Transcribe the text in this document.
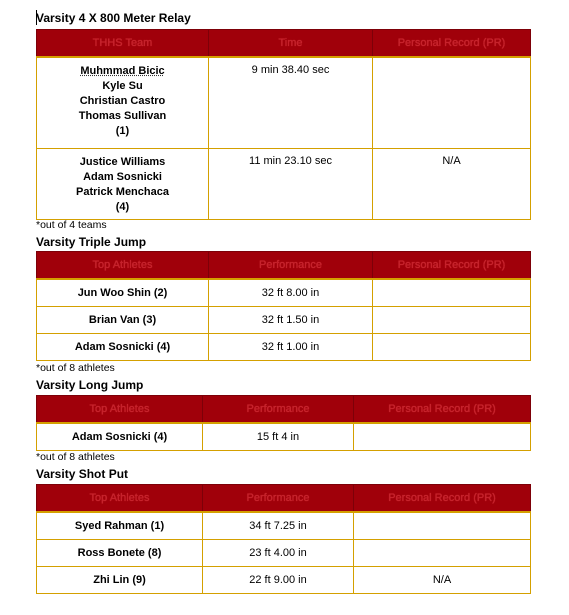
Varsity 4 X 800 Meter Relay
THHS Team	Time	Personal Record (PR)

Muhmmad Bicic
Kyle Su
Christian Castro
Thomas Sullivan
(1)	9 min 38.40 sec	

Justice Williams
Adam Sosnicki
Patrick Menchaca
(4)	11 min 23.10 sec	N/A
*out of 4 teams
Varsity Triple Jump
Top Athletes	Performance	Personal Record (PR)
Jun Woo Shin (2)	32 ft 8.00 in	
Brian Van (3)	32 ft 1.50 in	
Adam Sosnicki (4)	32 ft 1.00 in	
*out of 8 athletes
Varsity Long Jump
Top Athletes	Performance	Personal Record (PR)
Adam Sosnicki (4)	15 ft 4 in	
*out of 8 athletes
Varsity Shot Put
Top Athletes	Performance	Personal Record (PR)
Syed Rahman (1)	34 ft 7.25 in	
Ross Bonete (8)	23 ft 4.00 in	
Zhi Lin (9)	22 ft 9.00 in	N/A
